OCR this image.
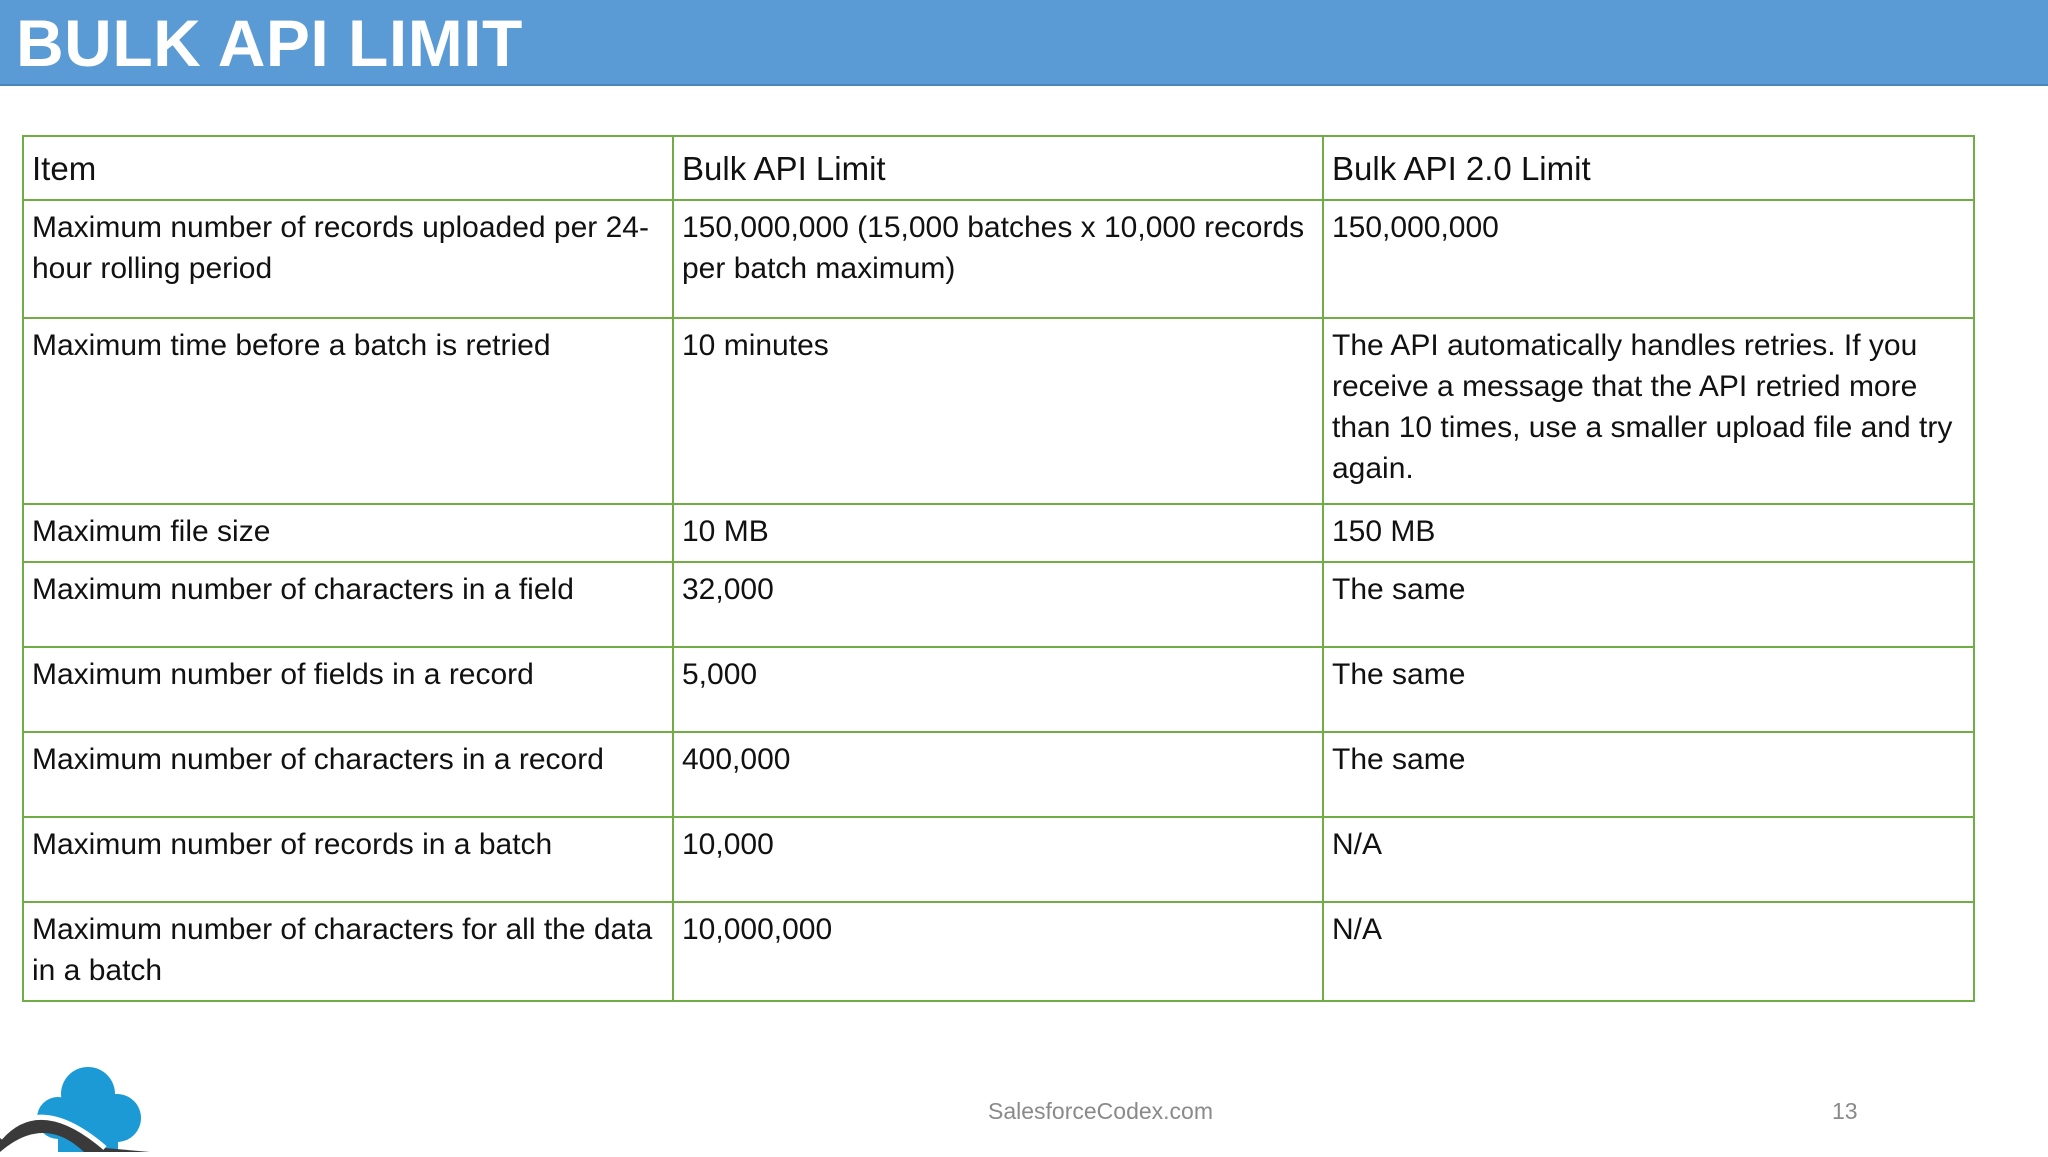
BULK API LIMIT
Item	Bulk API Limit	Bulk API 2.0 Limit
Maximum number of records uploaded per 24-hour rolling period	150,000,000 (15,000 batches x 10,000 records per batch maximum)	150,000,000
Maximum time before a batch is retried	10 minutes	The API automatically handles retries. If you receive a message that the API retried more than 10 times, use a smaller upload file and try again.
Maximum file size	10 MB	150 MB
Maximum number of characters in a field	32,000	The same
Maximum number of fields in a record	5,000	The same
Maximum number of characters in a record	400,000	The same
Maximum number of records in a batch	10,000	N/A
Maximum number of characters for all the data in a batch	10,000,000	N/A
SalesforceCodex.com	13
